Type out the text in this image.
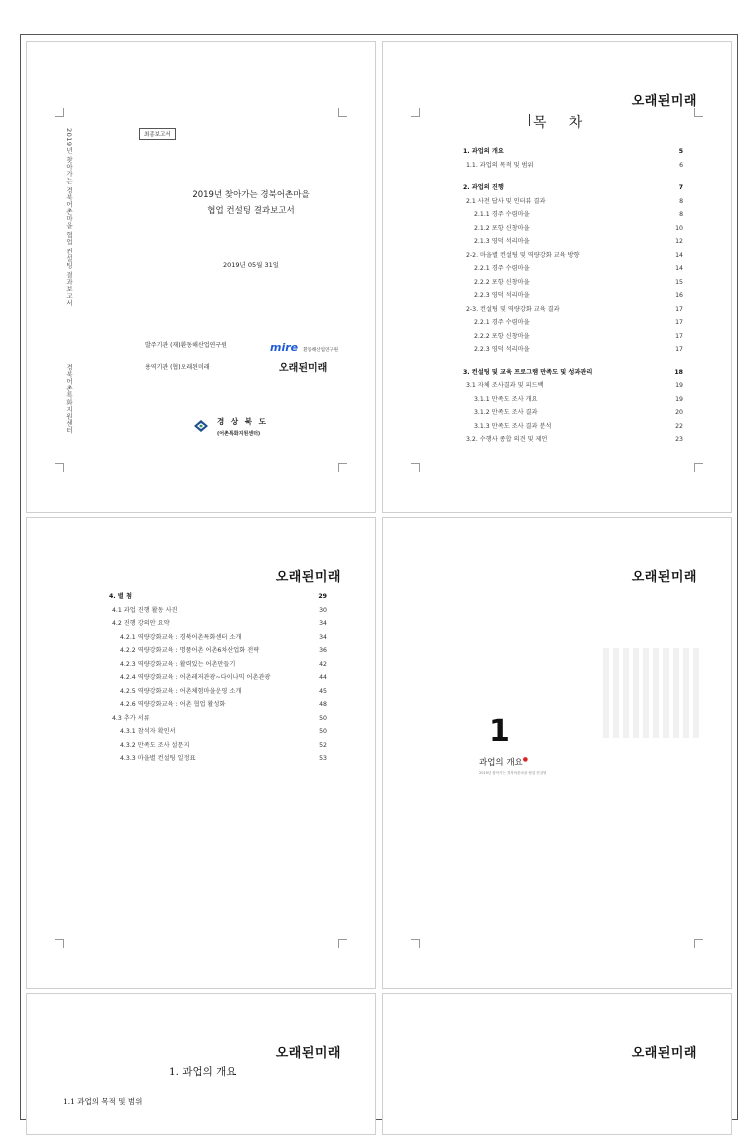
2019년 찾아가는 경북어촌마을 협업 컨설팅 결과보고서
경북어촌특화지원센터
최종보고서
2019년 찾아가는 경북어촌마을
협업 컨설팅 결과보고서
2019년 05월 31일
발주기관 (재)환동해산업연구원	mire 환동해산업연구원
용역기관 (협)오래된미래	오래된미래
경 상 북 도
(어촌특화지원센터)
오래된미래
목     차
1. 과업의 개요	5
1.1. 과업의 목적 및 범위	6
2. 과업의 진행	7
2.1 사전 답사 및 인터뷰 결과	8
2.1.1 경주 수렴마을	8
2.1.2 포항 신창마을	10
2.1.3 영덕 석리마을	12
2-2. 마을별 컨설팅 및 역량강화 교육 방향	14
2.2.1 경주 수렴마을	14
2.2.2 포항 신창마을	15
2.2.3 영덕 석리마을	16
2-3. 컨설팅 및 역량강화 교육 결과	17
2.2.1 경주 수렴마을	17
2.2.2 포항 신창마을	17
2.2.3 영덕 석리마을	17
3. 컨설팅 및 교육 프로그램 만족도 및 성과관리	18
3.1 자체 조사결과 및 피드백	19
3.1.1 만족도 조사 개요	19
3.1.2 만족도 조사 결과	20
3.1.3 만족도 조사 결과 분석	22
3.2. 수행사 종합 의견 및 제언	23
오래된미래
4. 별 첨	29
4.1 과업 진행 활동 사진	30
4.2 진행 강의안 요약	34
4.2.1 역량강화교육 : 경북어촌특화센터 소개	34
4.2.2 역량강화교육 : 명품어촌 어촌6차산업화 전략	36
4.2.3 역량강화교육 : 활력있는 어촌만들기	42
4.2.4 역량강화교육 : 어촌레저관광~다이나믹 어촌관광	44
4.2.5 역량강화교육 : 어촌체험마을운영 소개	45
4.2.6 역량강화교육 : 어촌 협업 활성화	48
4.3 추가 서류	50
4.3.1 참석자 확인서	50
4.3.2 만족도 조사 설문지	52
4.3.3 마을별 컨설팅 일정표	53
오래된미래
1
과업의 개요●
2019년 찾아가는 경북어촌마을 협업 컨설팅
오래된미래
1. 과업의 개요
1.1 과업의 목적 및 범위
오래된미래
